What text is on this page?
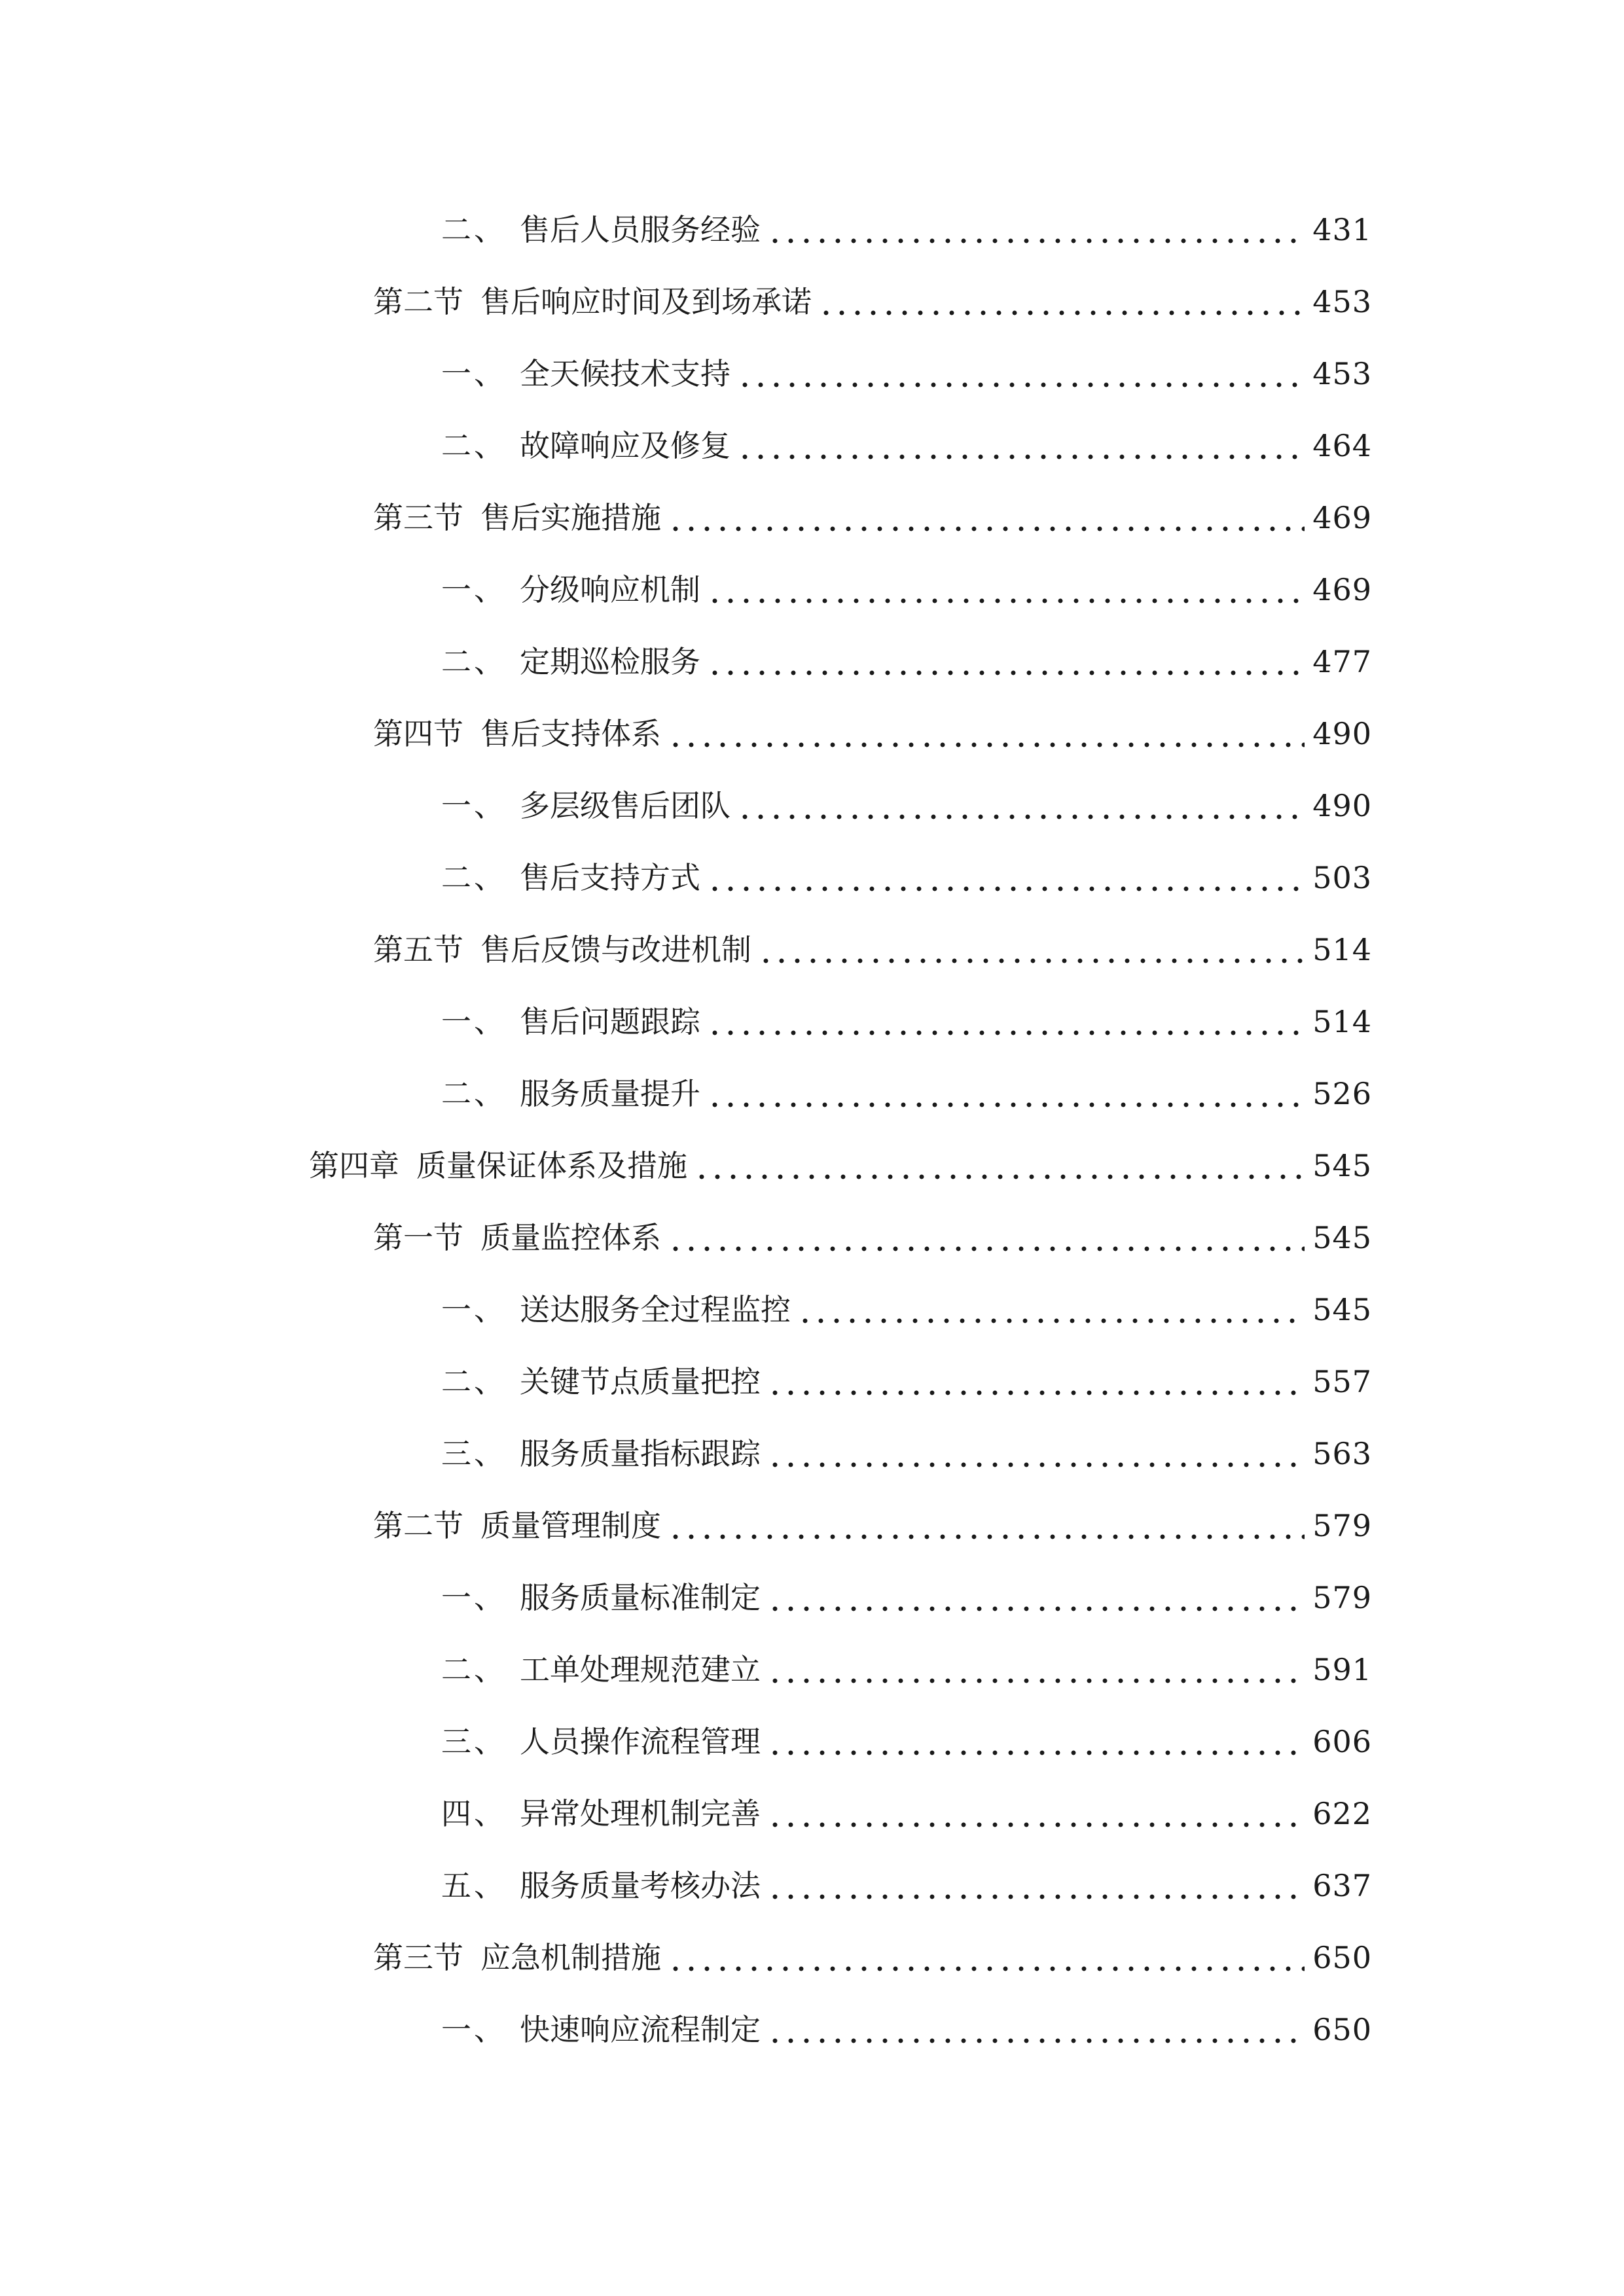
二、 售后人员服务经验	431
第二节 售后响应时间及到场承诺	453
一、 全天候技术支持	453
二、 故障响应及修复	464
第三节 售后实施措施	469
一、 分级响应机制	469
二、 定期巡检服务	477
第四节 售后支持体系	490
一、 多层级售后团队	490
二、 售后支持方式	503
第五节 售后反馈与改进机制	514
一、 售后问题跟踪	514
二、 服务质量提升	526
第四章 质量保证体系及措施	545
第一节 质量监控体系	545
一、 送达服务全过程监控	545
二、 关键节点质量把控	557
三、 服务质量指标跟踪	563
第二节 质量管理制度	579
一、 服务质量标准制定	579
二、 工单处理规范建立	591
三、 人员操作流程管理	606
四、 异常处理机制完善	622
五、 服务质量考核办法	637
第三节 应急机制措施	650
一、 快速响应流程制定	650
